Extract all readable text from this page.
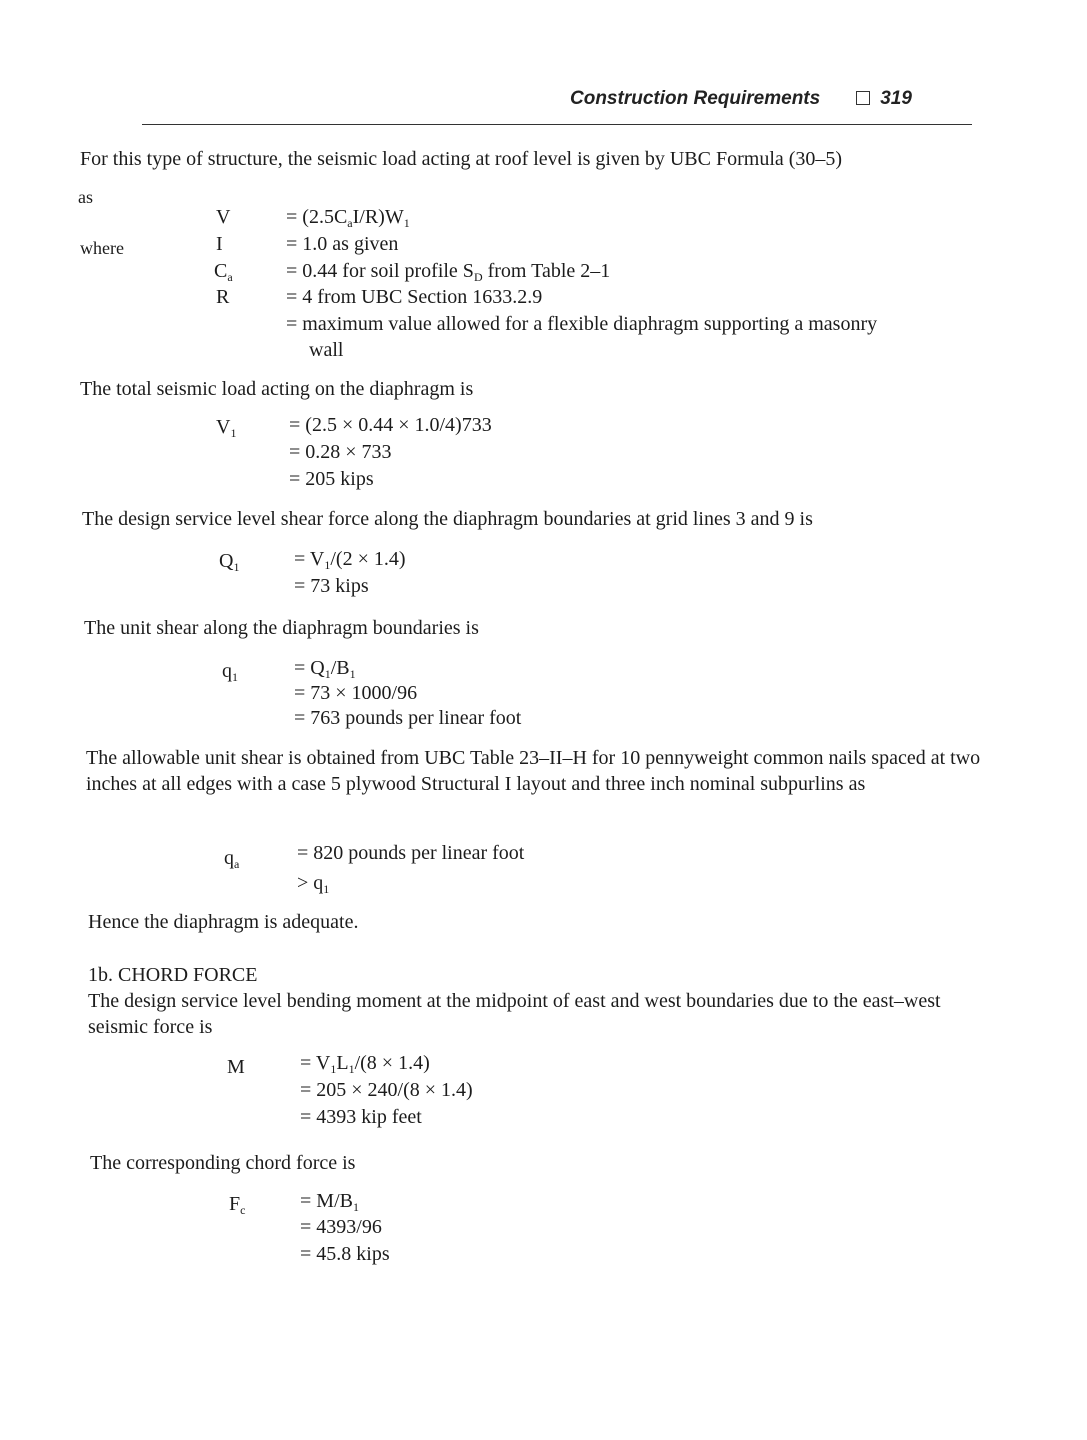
Construction Requirements	319
For this type of structure, the seismic load acting at roof level is given by UBC Formula (30–5)
as
V	= $(2.5C_aI/R)W_1$
where	I	= 1.0 as given
$C_a$	= 0.44 for soil profile $S_D$ from Table 2–1
R	= 4 from UBC Section 1633.2.9
= maximum value allowed for a flexible diaphragm supporting a masonry
wall
The total seismic load acting on the diaphragm is
$V_1$	= (2.5 × 0.44 × 1.0/4)733
= 0.28 × 733
= 205 kips
The design service level shear force along the diaphragm boundaries at grid lines 3 and 9 is
$Q_1$	= $V_1/(2 \times 1.4)$
= 73 kips
The unit shear along the diaphragm boundaries is
$q_1$	= $Q_1/B_1$
= 73 × 1000/96
= 763 pounds per linear foot
The allowable unit shear is obtained from UBC Table 23–II–H for 10 pennyweight common nails spaced at two inches at all edges with a case 5 plywood Structural I layout and three inch nominal subpurlins as
$q_a$	= 820 pounds per linear foot
> $q_1$
Hence the diaphragm is adequate.
1b. CHORD FORCE
The design service level bending moment at the midpoint of east and west boundaries due to the east–west seismic force is
M	= $V_1L_1/(8 \times 1.4)$
= 205 × 240/(8 × 1.4)
= 4393 kip feet
The corresponding chord force is
$F_c$	= $M/B_1$
= 4393/96
= 45.8 kips
